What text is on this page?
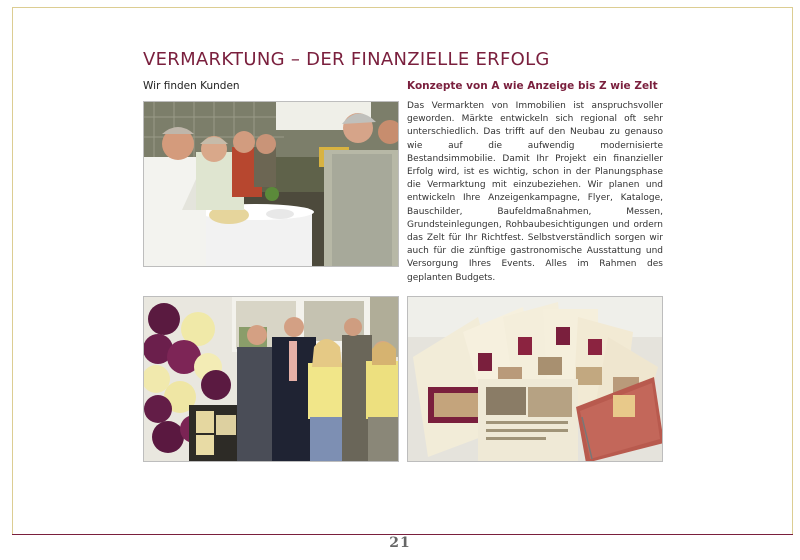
VERMARKTUNG – DER FINANZIELLE ERFOLG
Wir finden Kunden	Konzepte von A wie Anzeige bis Z wie Zelt

Das Vermarkten von Immobilien ist anspruchsvoller geworden. Märkte entwickeln sich regional oft sehr unterschiedlich. Das trifft auf den Neubau zu genauso wie auf die aufwendig modernisierte Bestandsimmobilie. Damit Ihr Projekt ein finanzieller Erfolg wird, ist es wichtig, schon in der Planungsphase die Vermarktung mit einzubeziehen. Wir planen und entwickeln Ihre Anzeigenkampagne, Flyer, Kataloge, Bauschilder, Baufeldmaßnahmen, Messen, Grundsteinlegungen, Rohbaubesichtigungen und ordern das Zelt für Ihr Richtfest. Selbstverständlich sorgen wir auch für die zünftige gastronomische Ausstattung und Versorgung Ihres Events. Alles im Rahmen des geplanten Budgets.

21
